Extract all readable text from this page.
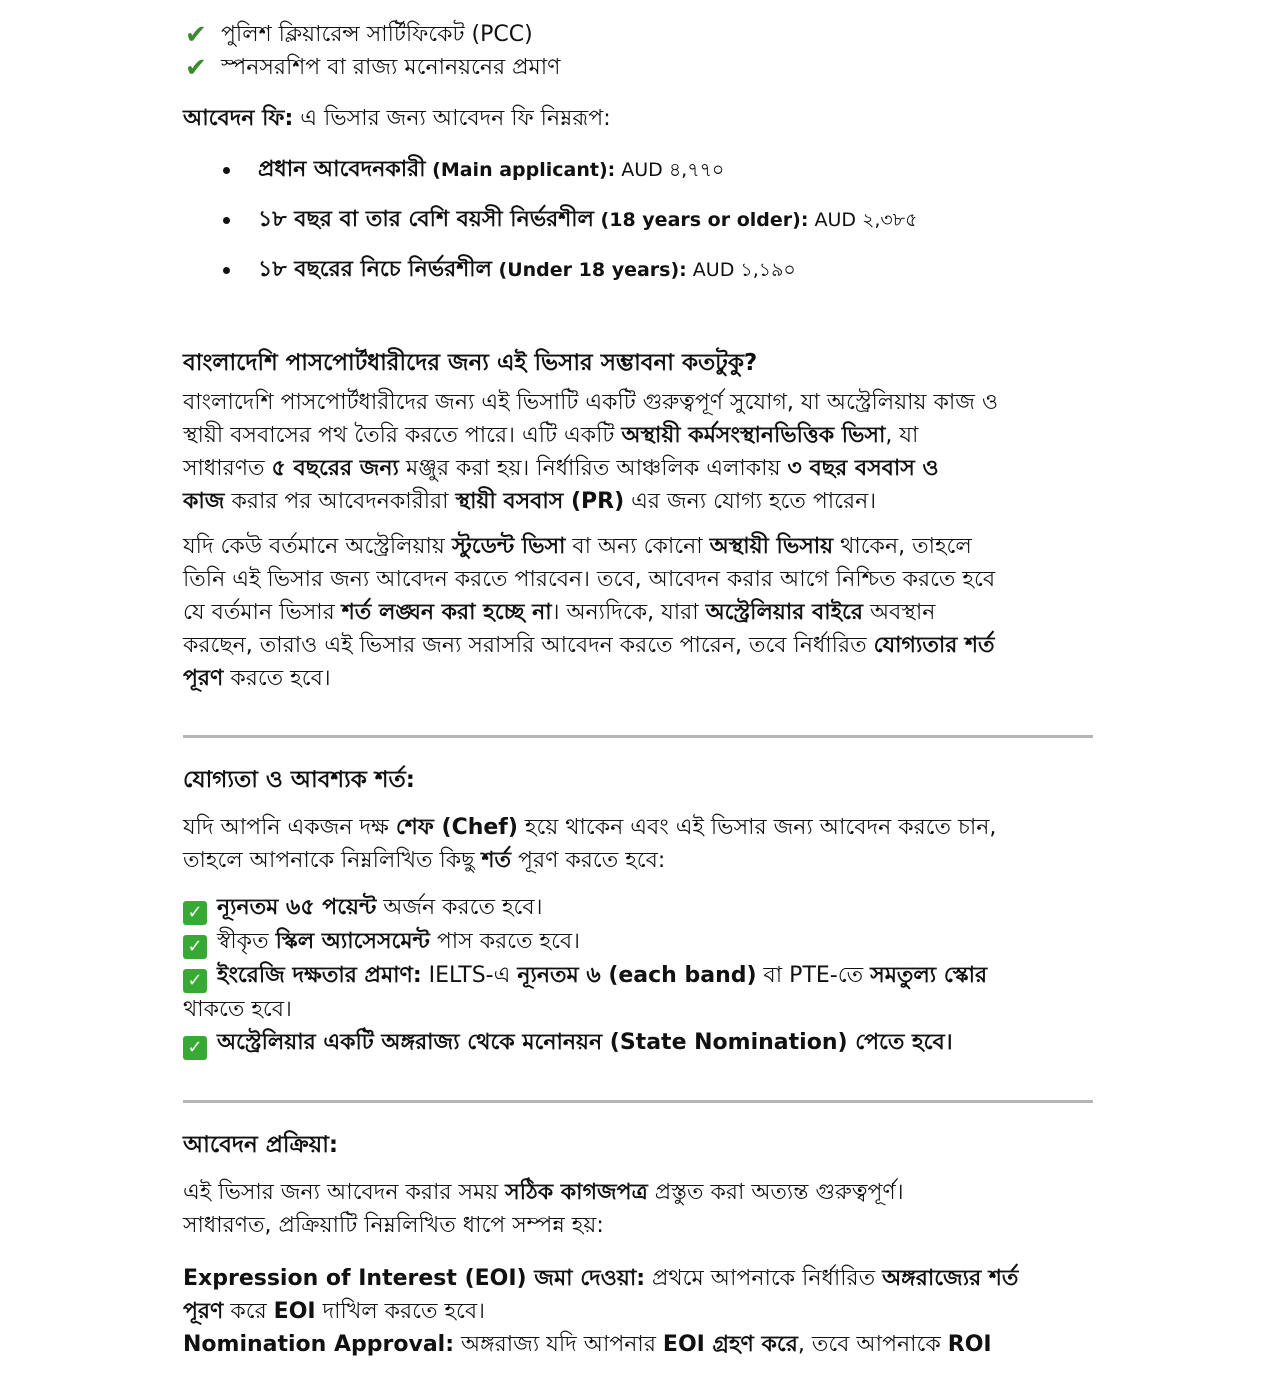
✔ পুলিশ ক্লিয়ারেন্স সার্টিফিকেট (PCC)
✔ স্পনসরশিপ বা রাজ্য মনোনয়নের প্রমাণ

আবেদন ফি: এ ভিসার জন্য আবেদন ফি নিম্নরূপ:

প্রধান আবেদনকারী (Main applicant): AUD ৪,৭৭০
১৮ বছর বা তার বেশি বয়সী নির্ভরশীল (18 years or older): AUD ২,৩৮৫
১৮ বছরের নিচে নির্ভরশীল (Under 18 years): AUD ১,১৯০
বাংলাদেশি পাসপোর্টধারীদের জন্য এই ভিসার সম্ভাবনা কতটুকু?
বাংলাদেশি পাসপোর্টধারীদের জন্য এই ভিসাটি একটি গুরুত্বপূর্ণ সুযোগ, যা অস্ট্রেলিয়ায় কাজ ও
স্থায়ী বসবাসের পথ তৈরি করতে পারে। এটি একটি অস্থায়ী কর্মসংস্থানভিত্তিক ভিসা, যা
সাধারণত ৫ বছরের জন্য মঞ্জুর করা হয়। নির্ধারিত আঞ্চলিক এলাকায় ৩ বছর বসবাস ও
কাজ করার পর আবেদনকারীরা স্থায়ী বসবাস (PR) এর জন্য যোগ্য হতে পারেন।
যদি কেউ বর্তমানে অস্ট্রেলিয়ায় স্টুডেন্ট ভিসা বা অন্য কোনো অস্থায়ী ভিসায় থাকেন, তাহলে
তিনি এই ভিসার জন্য আবেদন করতে পারবেন। তবে, আবেদন করার আগে নিশ্চিত করতে হবে
যে বর্তমান ভিসার শর্ত লঙ্ঘন করা হচ্ছে না। অন্যদিকে, যারা অস্ট্রেলিয়ার বাইরে অবস্থান
করছেন, তারাও এই ভিসার জন্য সরাসরি আবেদন করতে পারেন, তবে নির্ধারিত যোগ্যতার শর্ত
পূরণ করতে হবে।
যোগ্যতা ও আবশ্যক শর্ত:
যদি আপনি একজন দক্ষ শেফ (Chef) হয়ে থাকেন এবং এই ভিসার জন্য আবেদন করতে চান,
তাহলে আপনাকে নিম্নলিখিত কিছু শর্ত পূরণ করতে হবে:
✓ ন্যূনতম ৬৫ পয়েন্ট অর্জন করতে হবে।
✓ স্বীকৃত স্কিল অ্যাসেসমেন্ট পাস করতে হবে।
✓ ইংরেজি দক্ষতার প্রমাণ: IELTS-এ ন্যূনতম ৬ (each band) বা PTE-তে সমতুল্য স্কোর
থাকতে হবে।
✓ অস্ট্রেলিয়ার একটি অঙ্গরাজ্য থেকে মনোনয়ন (State Nomination) পেতে হবে।
আবেদন প্রক্রিয়া:
এই ভিসার জন্য আবেদন করার সময় সঠিক কাগজপত্র প্রস্তুত করা অত্যন্ত গুরুত্বপূর্ণ।
সাধারণত, প্রক্রিয়াটি নিম্নলিখিত ধাপে সম্পন্ন হয়:
Expression of Interest (EOI) জমা দেওয়া: প্রথমে আপনাকে নির্ধারিত অঙ্গরাজ্যের শর্ত
পূরণ করে EOI দাখিল করতে হবে।
Nomination Approval: অঙ্গরাজ্য যদি আপনার EOI গ্রহণ করে, তবে আপনাকে ROI
